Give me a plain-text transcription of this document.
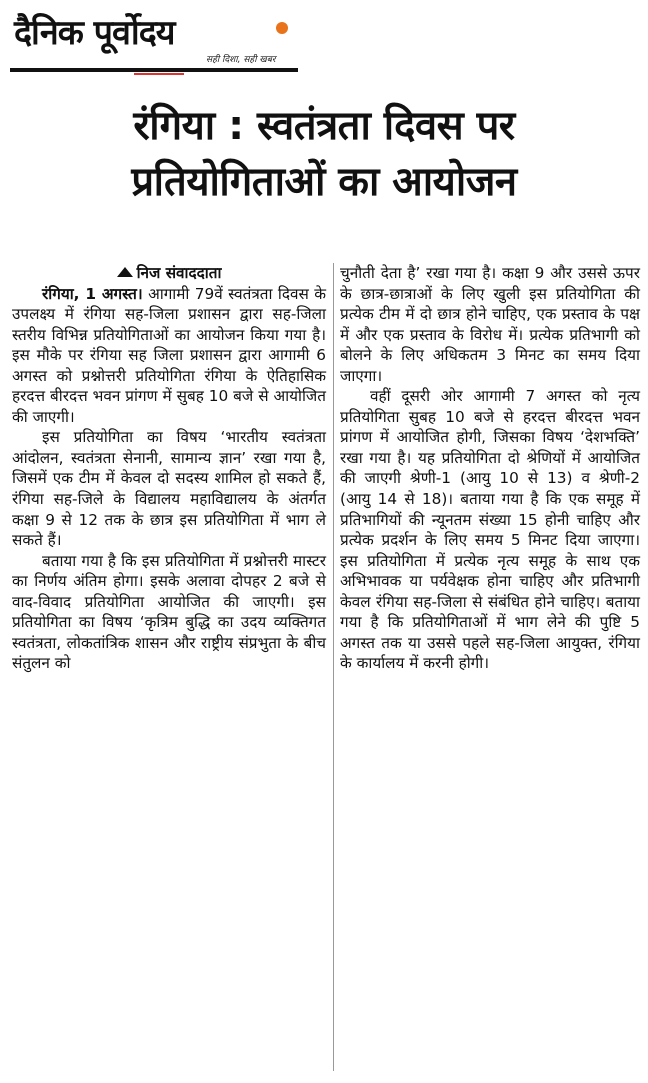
दैनिक पूर्वोदय
सही दिशा, सही खबर
रंगिया : स्वतंत्रता दिवस पर
प्रतियोगिताओं का आयोजन

निज संवाददाता

रंगिया, 1 अगस्त। आगामी 79वें स्वतंत्रता दिवस के उपलक्ष्य में रंगिया सह-जिला प्रशासन द्वारा सह-जिला स्तरीय विभिन्न प्रतियोगिताओं का आयोजन किया गया है। इस मौके पर रंगिया सह जिला प्रशासन द्वारा आगामी 6 अगस्त को प्रश्नोत्तरी प्रतियोगिता रंगिया के ऐतिहासिक हरदत्त बीरदत्त भवन प्रांगण में सुबह 10 बजे से आयोजित की जाएगी।

इस प्रतियोगिता का विषय ‘भारतीय स्वतंत्रता आंदोलन, स्वतंत्रता सेनानी, सामान्य ज्ञान’ रखा गया है, जिसमें एक टीम में केवल दो सदस्य शामिल हो सकते हैं, रंगिया सह-जिले के विद्यालय महाविद्यालय के अंतर्गत कक्षा 9 से 12 तक के छात्र इस प्रतियोगिता में भाग ले सकते हैं।

बताया गया है कि इस प्रतियोगिता में प्रश्नोत्तरी मास्टर का निर्णय अंतिम होगा। इसके अलावा दोपहर 2 बजे से वाद-विवाद प्रतियोगिता आयोजित की जाएगी। इस प्रतियोगिता का विषय ‘कृत्रिम बुद्धि का उदय व्यक्तिगत स्वतंत्रता, लोकतांत्रिक शासन और राष्ट्रीय संप्रभुता के बीच संतुलन को

चुनौती देता है’ रखा गया है। कक्षा 9 और उससे ऊपर के छात्र-छात्राओं के लिए खुली इस प्रतियोगिता की प्रत्येक टीम में दो छात्र होने चाहिए, एक प्रस्ताव के पक्ष में और एक प्रस्ताव के विरोध में। प्रत्येक प्रतिभागी को बोलने के लिए अधिकतम 3 मिनट का समय दिया जाएगा।

वहीं दूसरी ओर आगामी 7 अगस्त को नृत्य प्रतियोगिता सुबह 10 बजे से हरदत्त बीरदत्त भवन प्रांगण में आयोजित होगी, जिसका विषय ‘देशभक्ति’ रखा गया है। यह प्रतियोगिता दो श्रेणियों में आयोजित की जाएगी श्रेणी-1 (आयु 10 से 13) व श्रेणी-2 (आयु 14 से 18)। बताया गया है कि एक समूह में प्रतिभागियों की न्यूनतम संख्या 15 होनी चाहिए और प्रत्येक प्रदर्शन के लिए समय 5 मिनट दिया जाएगा। इस प्रतियोगिता में प्रत्येक नृत्य समूह के साथ एक अभिभावक या पर्यवेक्षक होना चाहिए और प्रतिभागी केवल रंगिया सह-जिला से संबंधित होने चाहिए। बताया गया है कि प्रतियोगिताओं में भाग लेने की पुष्टि 5 अगस्त तक या उससे पहले सह-जिला आयुक्त, रंगिया के कार्यालय में करनी होगी।
